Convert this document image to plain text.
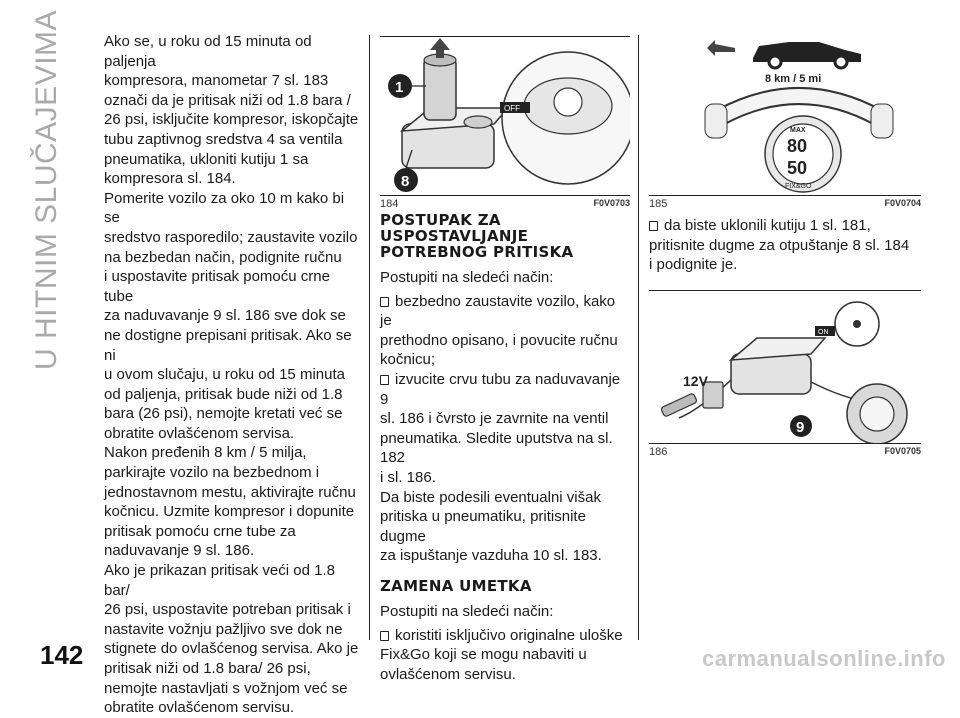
U HITNIM SLUČAJEVIMA
142
Ako se, u roku od 15 minuta od paljenja
kompresora, manometar 7 sl. 183
označi da je pritisak niži od 1.8 bara /
26 psi, isključite kompresor, iskopčajte
tubu zaptivnog sredstva 4 sa ventila
pneumatika, ukloniti kutiju 1 sa
kompresora sl. 184.
Pomerite vozilo za oko 10 m kako bi se
sredstvo rasporedilo; zaustavite vozilo
na bezbedan način, podignite ručnu
i uspostavite pritisak pomoću crne tube
za naduvavanje 9 sl. 186 sve dok se
ne dostigne prepisani pritisak. Ako se ni
u ovom slučaju, u roku od 15 minuta
od paljenja, pritisak bude niži od 1.8
bara (26 psi), nemojte kretati već se
obratite ovlašćenom servisa.
Nakon pređenih 8 km / 5 milja,
parkirajte vozilo na bezbednom i
jednostavnom mestu, aktivirajte ručnu
kočnicu. Uzmite kompresor i dopunite
pritisak pomoću crne tube za
naduvavanje 9 sl. 186.
Ako je prikazan pritisak veći od 1.8 bar/
26 psi, uspostavite potreban pritisak i
nastavite vožnju pažljivo sve dok ne
stignete do ovlašćenog servisa. Ako je
pritisak niži od 1.8 bara/ 26 psi,
nemojte nastavljati s vožnjom već se
obratite ovlašćenom servisu.
OFF
1
8
184	F0V0703
8 km / 5 mi
MAX
80
50
FIX&GO
185	F0V0704
POSTUPAK ZA
USPOSTAVLJANJE
POTREBNOG PRITISKA

Postupiti na sledeći način:

bezbedno zaustavite vozilo, kako je
prethodno opisano, i povucite ručnu
kočnicu;
izvucite crvu tubu za naduvavanje 9
sl. 186 i čvrsto je zavrnite na ventil
pneumatika. Sledite uputstva na sl. 182
i sl. 186.
Da biste podesili eventualni višak
pritiska u pneumatiku, pritisnite dugme
za ispuštanje vazduha 10 sl. 183.
ZAMENA UMETKA

Postupiti na sledeći način:

koristiti isključivo originalne uloške
Fix&Go koji se mogu nabaviti u
ovlašćenom servisu.
da biste uklonili kutiju 1 sl. 181,
pritisnite dugme za otpuštanje 8 sl. 184
i podignite je.
ON
12V
9
186	F0V0705
carmanualsonline.info
